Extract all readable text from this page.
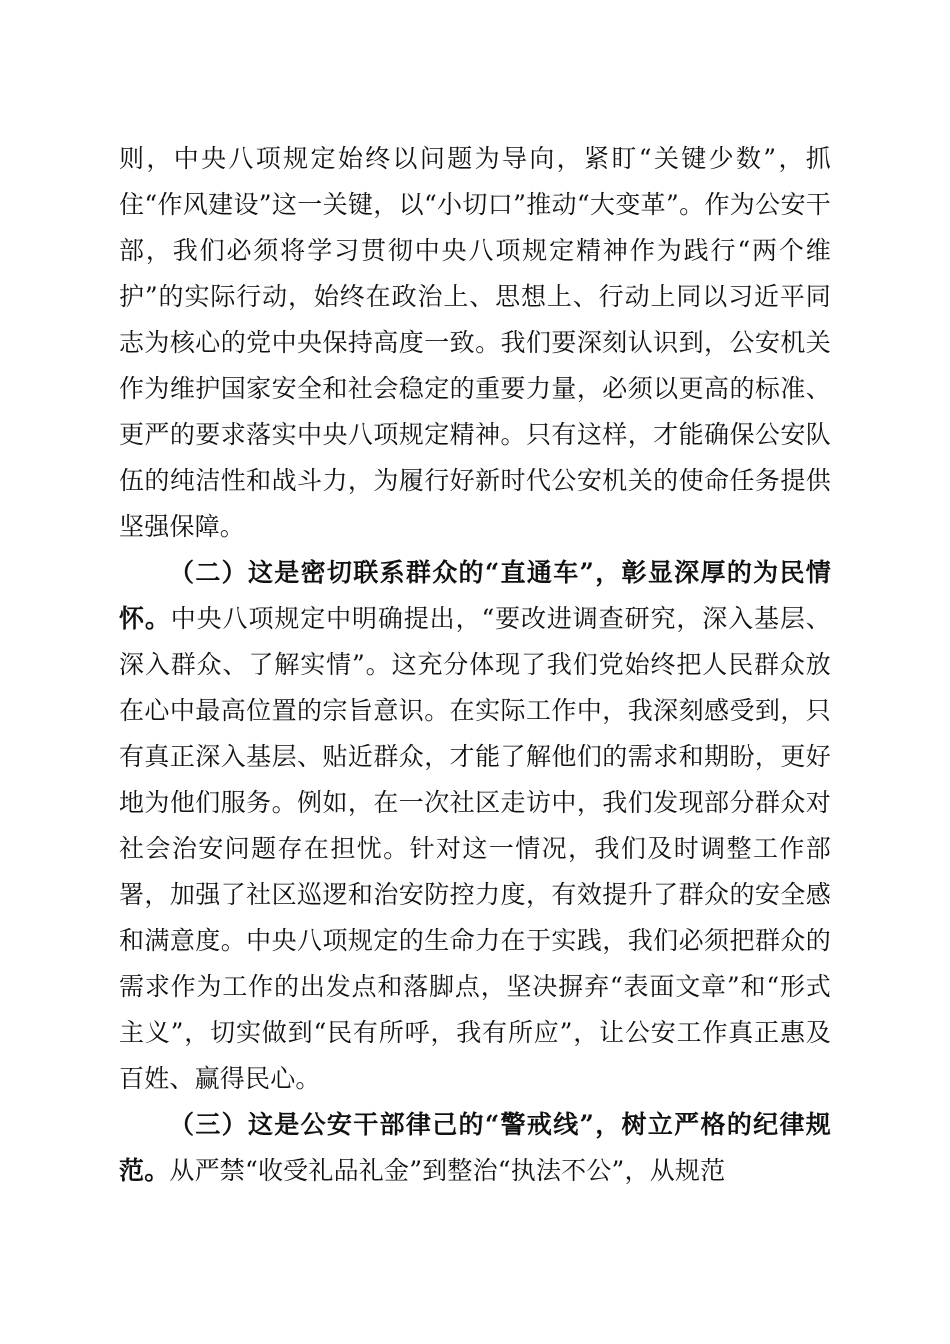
则，中央八项规定始终以问题为导向，紧盯“关键少数”，抓住“作风建设”这一关键，以“小切口”推动“大变革”。作为公安干部，我们必须将学习贯彻中央八项规定精神作为践行“两个维护”的实际行动，始终在政治上、思想上、行动上同以习近平同志为核心的党中央保持高度一致。我们要深刻认识到，公安机关作为维护国家安全和社会稳定的重要力量，必须以更高的标准、更严的要求落实中央八项规定精神。只有这样，才能确保公安队伍的纯洁性和战斗力，为履行好新时代公安机关的使命任务提供坚强保障。

（二）这是密切联系群众的“直通车”，彰显深厚的为民情怀。中央八项规定中明确提出，“要改进调查研究，深入基层、深入群众、了解实情”。这充分体现了我们党始终把人民群众放在心中最高位置的宗旨意识。在实际工作中，我深刻感受到，只有真正深入基层、贴近群众，才能了解他们的需求和期盼，更好地为他们服务。例如，在一次社区走访中，我们发现部分群众对社会治安问题存在担忧。针对这一情况，我们及时调整工作部署，加强了社区巡逻和治安防控力度，有效提升了群众的安全感和满意度。中央八项规定的生命力在于实践，我们必须把群众的需求作为工作的出发点和落脚点，坚决摒弃“表面文章”和“形式主义”，切实做到“民有所呼，我有所应”，让公安工作真正惠及百姓、赢得民心。

（三）这是公安干部律己的“警戒线”，树立严格的纪律规范。从严禁“收受礼品礼金”到整治“执法不公”，从规范
